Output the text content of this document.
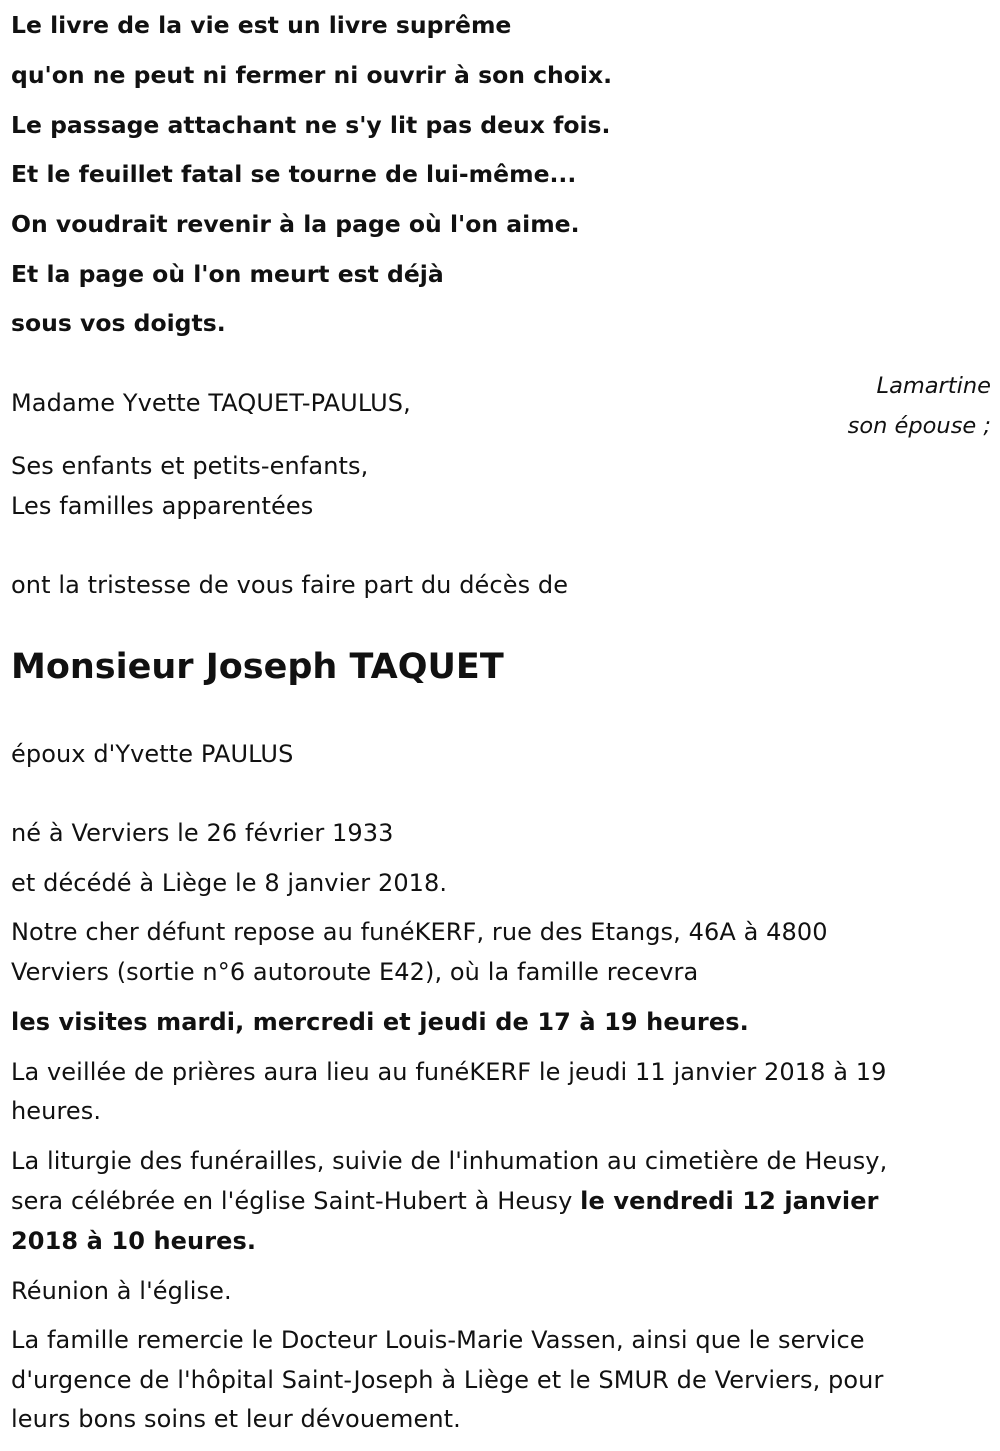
Le livre de la vie est un livre suprême
qu'on ne peut ni fermer ni ouvrir à son choix.
Le passage attachant ne s'y lit pas deux fois.
Et le feuillet fatal se tourne de lui-même...
On voudrait revenir à la page où l'on aime.
Et la page où l'on meurt est déjà
sous vos doigts.
Lamartine
son épouse ;
Madame Yvette TAQUET-PAULUS,
Ses enfants et petits-enfants,
Les familles apparentées
ont la tristesse de vous faire part du décès de
Monsieur Joseph TAQUET
époux d'Yvette PAULUS
né à Verviers le 26 février 1933
et décédé à Liège le 8 janvier 2018.
Notre cher défunt repose au funéKERF, rue des Etangs, 46A à 4800
Verviers (sortie n°6 autoroute E42), où la famille recevra
les visites mardi, mercredi et jeudi de 17 à 19 heures.
La veillée de prières aura lieu au funéKERF le jeudi 11 janvier 2018 à 19
heures.
La liturgie des funérailles, suivie de l'inhumation au cimetière de Heusy,
sera célébrée en l'église Saint-Hubert à Heusy le vendredi 12 janvier
2018 à 10 heures.
Réunion à l'église.
La famille remercie le Docteur Louis-Marie Vassen, ainsi que le service
d'urgence de l'hôpital Saint-Joseph à Liège et le SMUR de Verviers, pour
leurs bons soins et leur dévouement.
